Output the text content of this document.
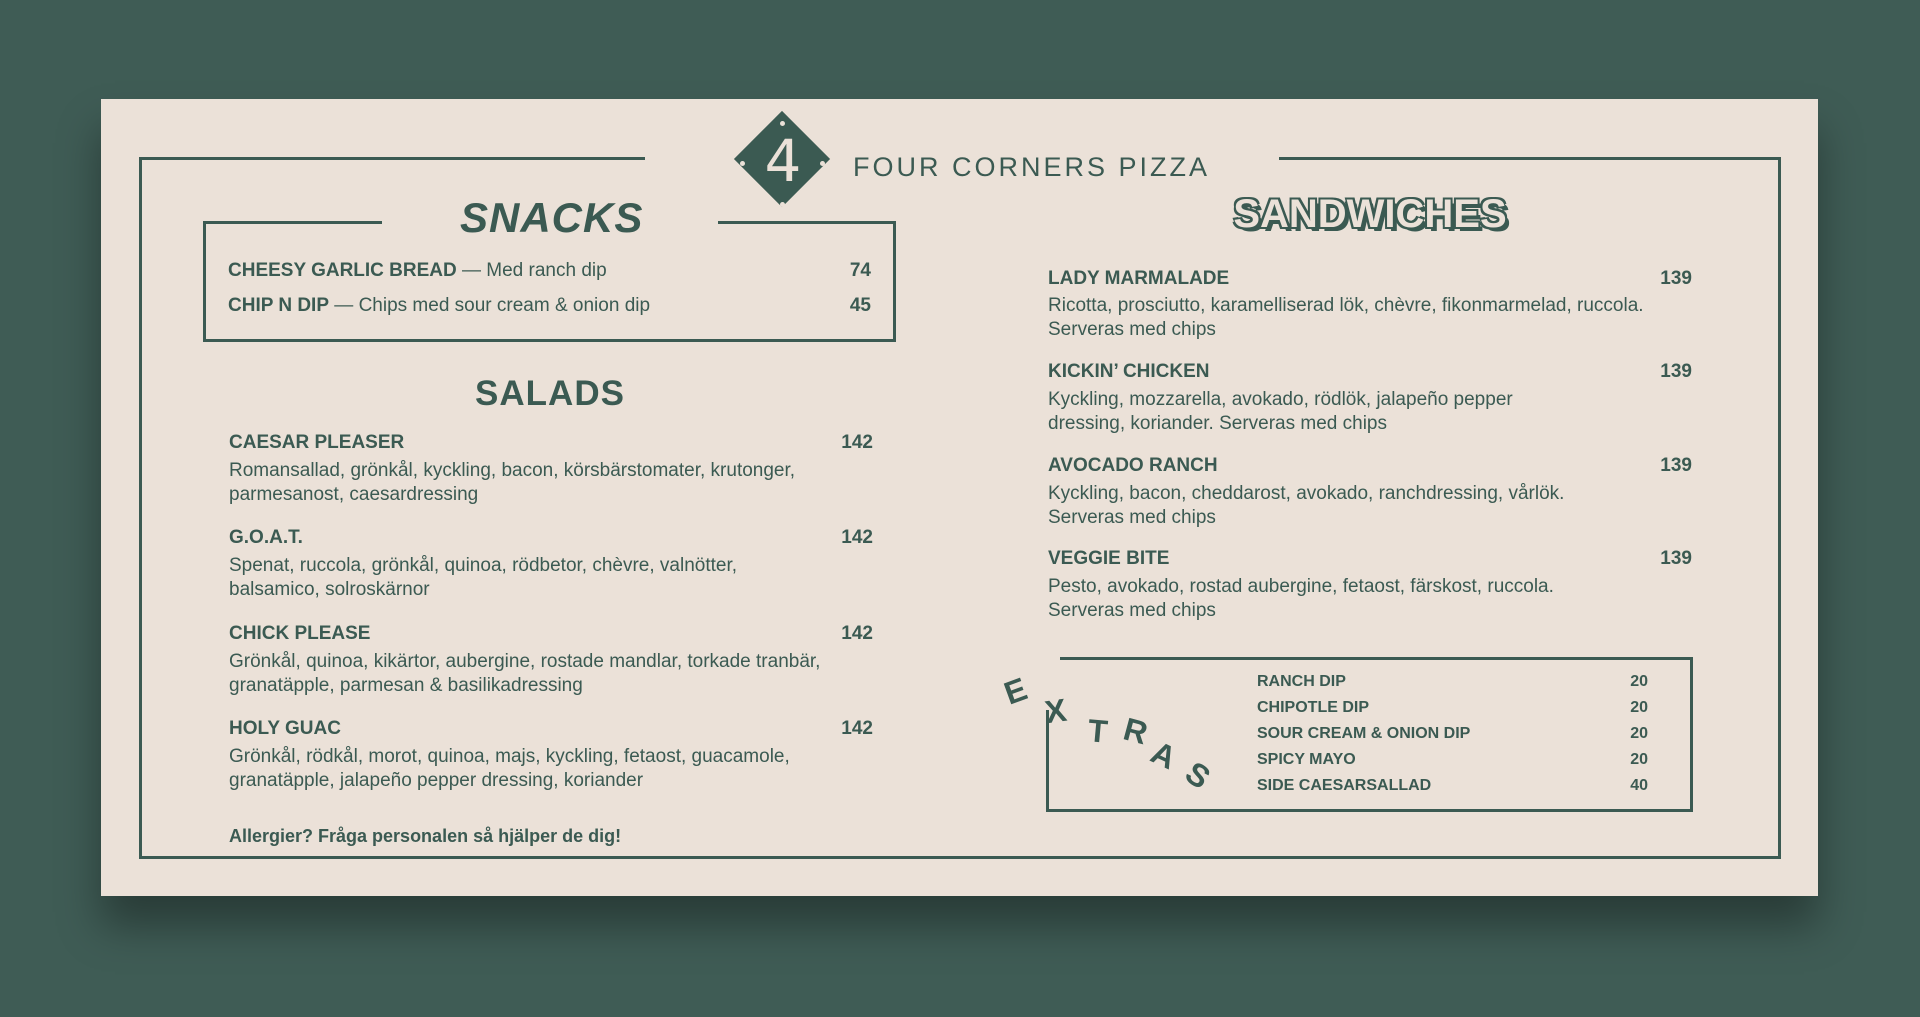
4	FOUR CORNERS PIZZA
SNACKS
CHEESY GARLIC BREAD — Med ranch dip	74
CHIP N DIP — Chips med sour cream & onion dip	45
SALADS
CAESAR PLEASER	142
Romansallad, grönkål, kyckling, bacon, körsbärstomater, krutonger, parmesanost, caesardressing
G.O.A.T.	142
Spenat, ruccola, grönkål, quinoa, rödbetor, chèvre, valnötter, balsamico, solroskärnor
CHICK PLEASE	142
Grönkål, quinoa, kikärtor, aubergine, rostade mandlar, torkade tranbär, granatäpple, parmesan & basilikadressing
HOLY GUAC	142
Grönkål, rödkål, morot, quinoa, majs, kyckling, fetaost, guacamole, granatäpple, jalapeño pepper dressing, koriander
Allergier? Fråga personalen så hjälper de dig!
SANDWICHES
LADY MARMALADE	139
Ricotta, prosciutto, karamelliserad lök, chèvre, fikonmarmelad, ruccola. Serveras med chips
KICKIN’ CHICKEN	139
Kyckling, mozzarella, avokado, rödlök, jalapeño pepper dressing, koriander. Serveras med chips
AVOCADO RANCH	139
Kyckling, bacon, cheddarost, avokado, ranchdressing, vårlök. Serveras med chips
VEGGIE BITE	139
Pesto, avokado, rostad aubergine, fetaost, färskost, ruccola. Serveras med chips
E X
T R
A
S
RANCH DIP	20
CHIPOTLE DIP	20
SOUR CREAM & ONION DIP	20
SPICY MAYO	20
SIDE CAESARSALLAD	40
